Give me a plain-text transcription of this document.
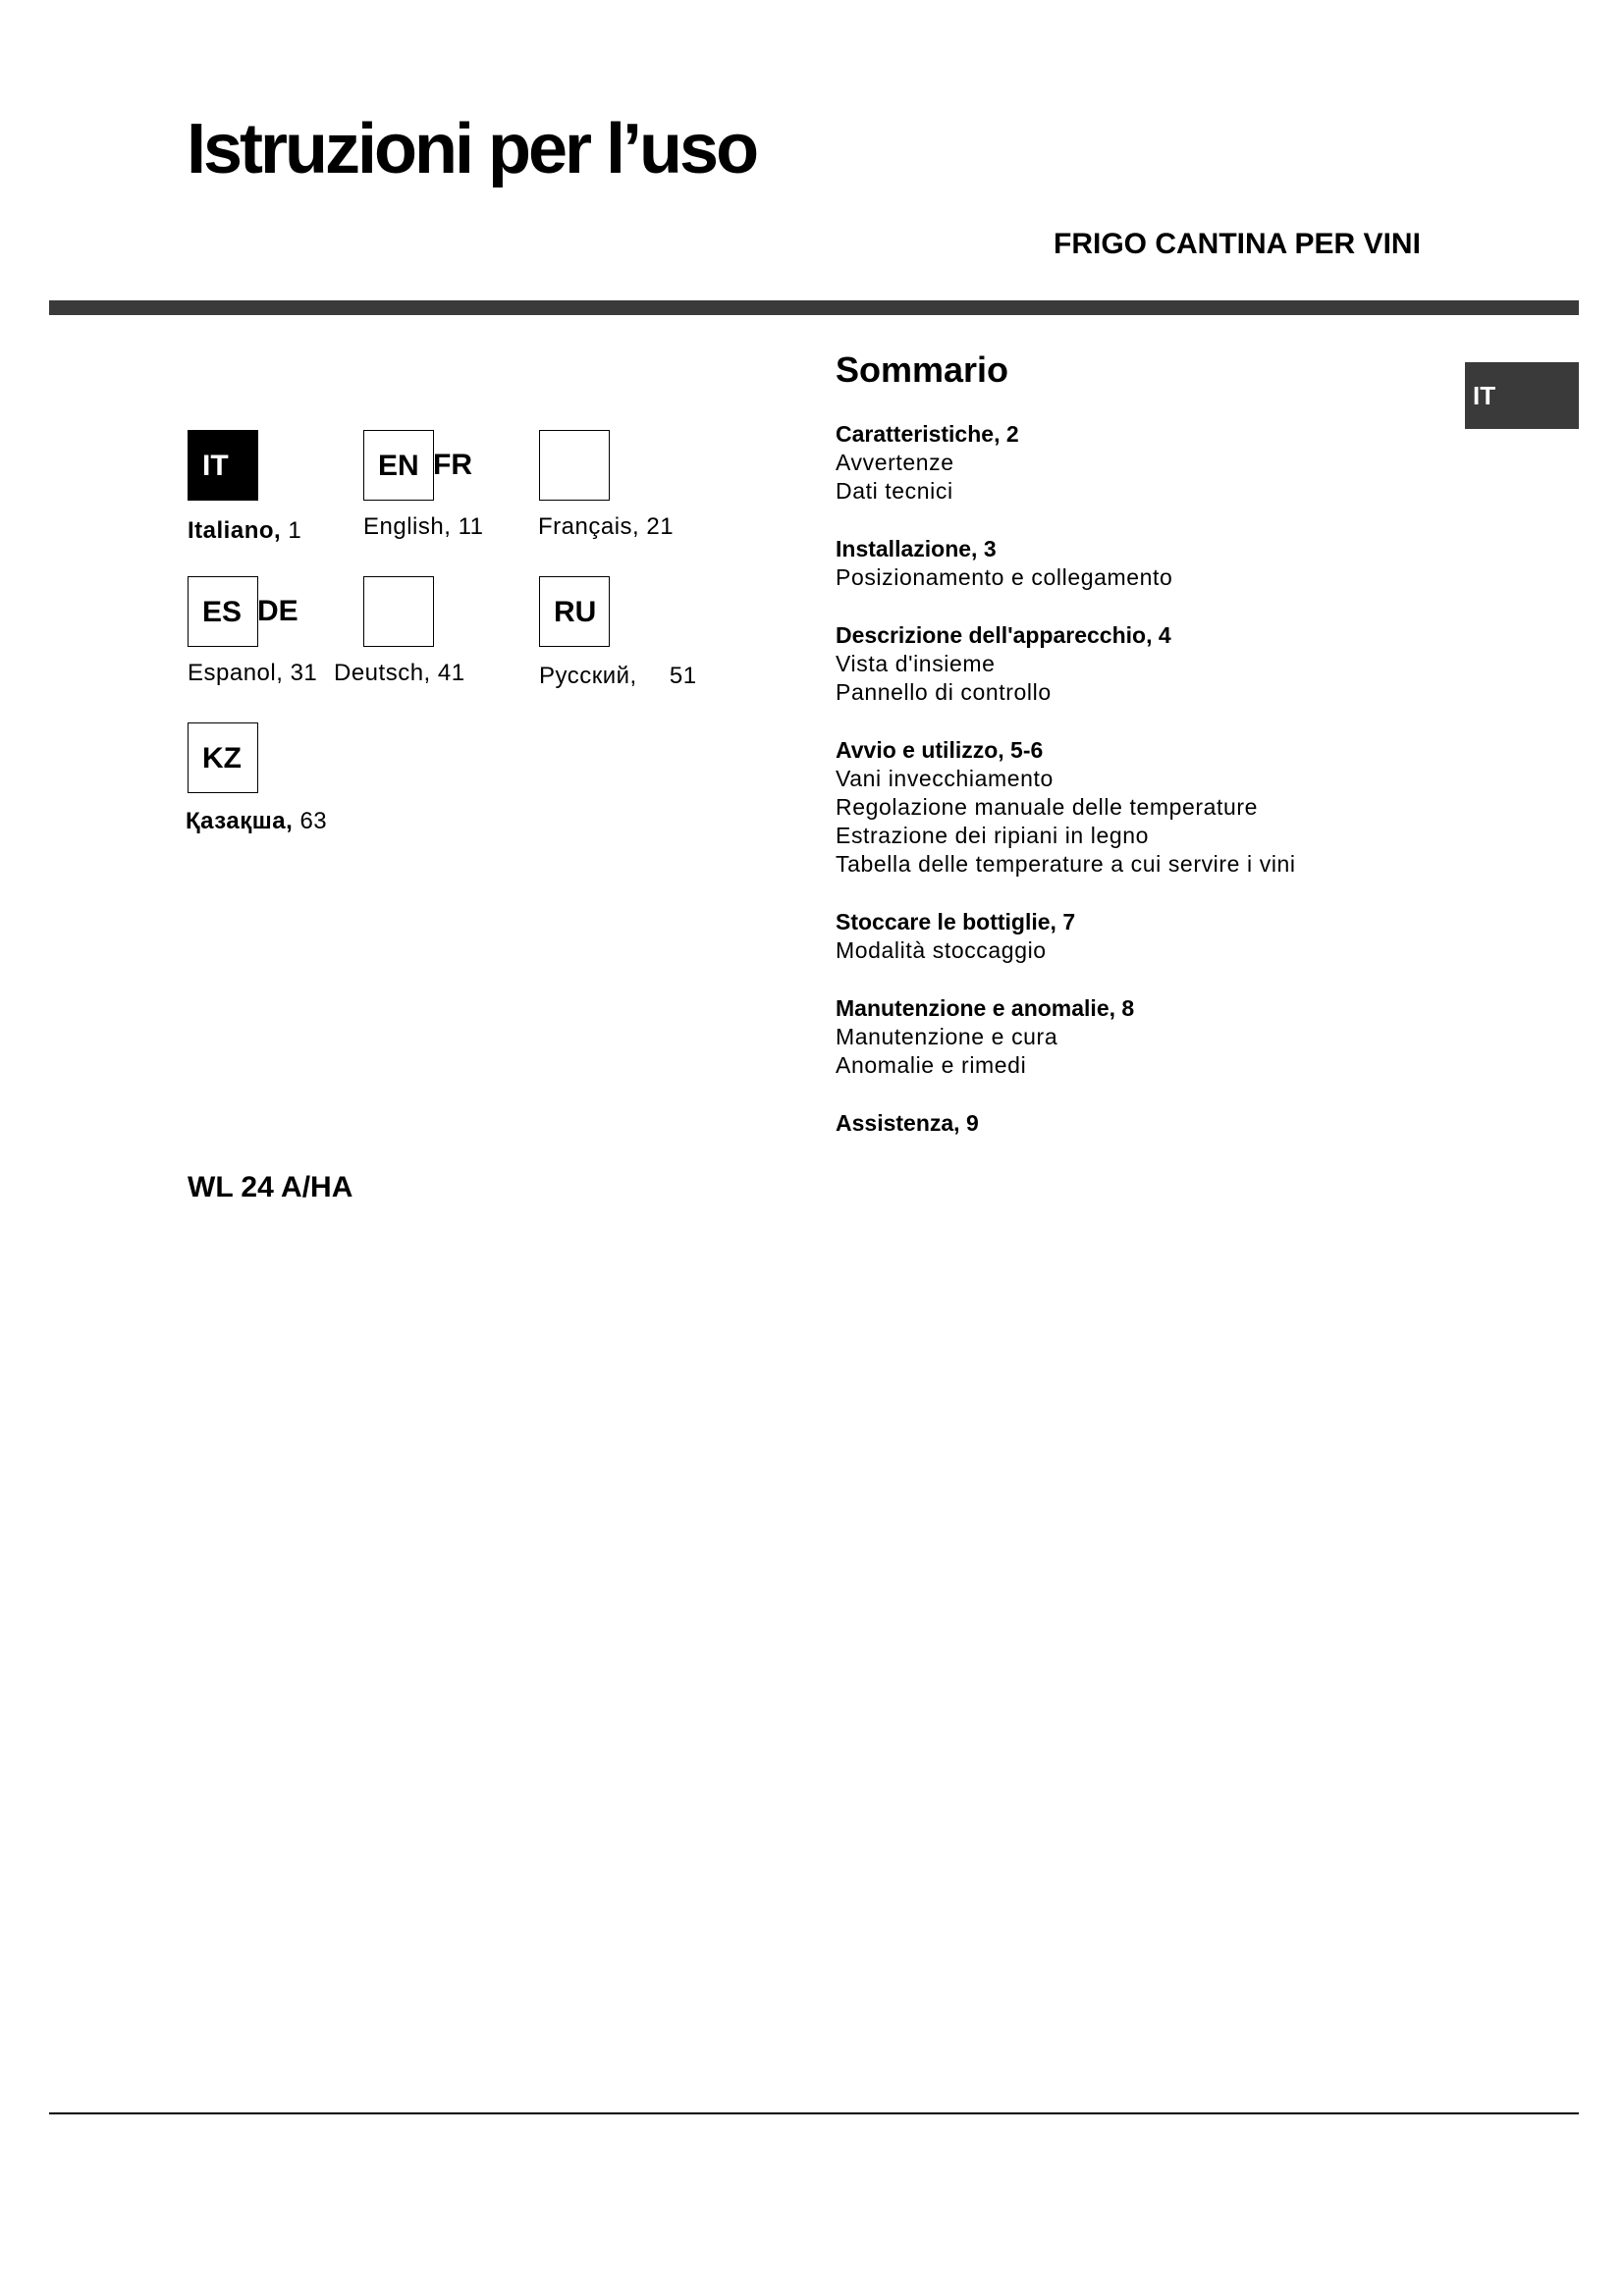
Istruzioni per l’uso
FRIGO CANTINA PER VINI
IT	EN FR
ES DE	RU
KZ
Italiano, 1	English, 11 Français, 21
Espanol, 31 Deutsch, 41	Русский, 51
Қазақша, 63
WL 24 A/HA
Sommario
IT
Caratteristiche, 2
Avvertenze
Dati tecnici
Installazione, 3
Posizionamento e collegamento
Descrizione dell'apparecchio, 4
Vista d'insieme
Pannello di controllo
Avvio e utilizzo, 5-6
Vani invecchiamento
Regolazione manuale delle temperature
Estrazione dei ripiani in legno
Tabella delle temperature a cui servire i vini
Stoccare le bottiglie, 7
Modalità stoccaggio
Manutenzione e anomalie, 8
Manutenzione e cura
Anomalie e rimedi
Assistenza, 9
